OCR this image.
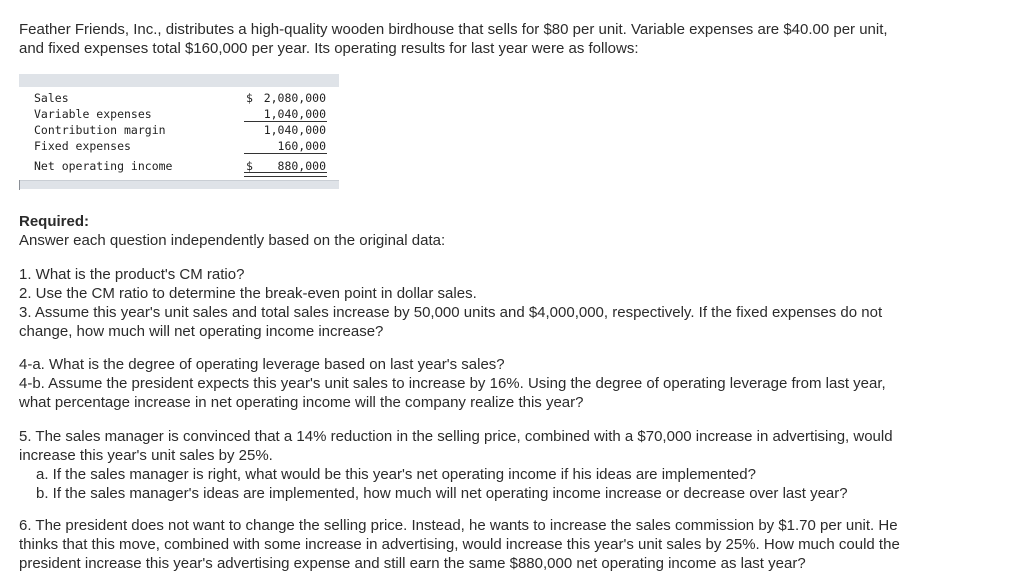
Feather Friends, Inc., distributes a high-quality wooden birdhouse that sells for $80 per unit. Variable expenses are $40.00 per unit,

and fixed expenses total $160,000 per year. Its operating results for last year were as follows:

Sales	$ 2,080,000
Variable expenses	1,040,000
Contribution margin	1,040,000
Fixed expenses	160,000
Net operating income	$ 880,000

Required:

Answer each question independently based on the original data:

1. What is the product's CM ratio?

2. Use the CM ratio to determine the break-even point in dollar sales.

3. Assume this year's unit sales and total sales increase by 50,000 units and $4,000,000, respectively. If the fixed expenses do not

change, how much will net operating income increase?

4-a. What is the degree of operating leverage based on last year's sales?

4-b. Assume the president expects this year's unit sales to increase by 16%. Using the degree of operating leverage from last year,

what percentage increase in net operating income will the company realize this year?

5. The sales manager is convinced that a 14% reduction in the selling price, combined with a $70,000 increase in advertising, would

increase this year's unit sales by 25%.

a. If the sales manager is right, what would be this year's net operating income if his ideas are implemented?

b. If the sales manager's ideas are implemented, how much will net operating income increase or decrease over last year?

6. The president does not want to change the selling price. Instead, he wants to increase the sales commission by $1.70 per unit. He

thinks that this move, combined with some increase in advertising, would increase this year's unit sales by 25%. How much could the

president increase this year's advertising expense and still earn the same $880,000 net operating income as last year?
